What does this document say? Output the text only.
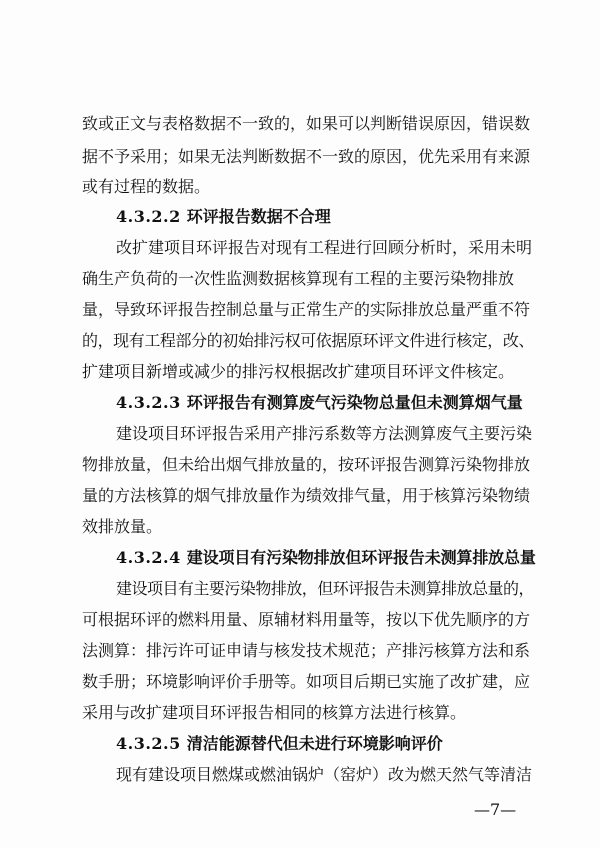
致或正文与表格数据不一致的，如果可以判断错误原因，错误数
据不予采用；如果无法判断数据不一致的原因，优先采用有来源
或有过程的数据。
4.3.2.2 环评报告数据不合理
改扩建项目环评报告对现有工程进行回顾分析时，采用未明
确生产负荷的一次性监测数据核算现有工程的主要污染物排放
量，导致环评报告控制总量与正常生产的实际排放总量严重不符
的，现有工程部分的初始排污权可依据原环评文件进行核定，改、
扩建项目新增或减少的排污权根据改扩建项目环评文件核定。
4.3.2.3 环评报告有测算废气污染物总量但未测算烟气量
建设项目环评报告采用产排污系数等方法测算废气主要污染
物排放量，但未给出烟气排放量的，按环评报告测算污染物排放
量的方法核算的烟气排放量作为绩效排气量，用于核算污染物绩
效排放量。
4.3.2.4 建设项目有污染物排放但环评报告未测算排放总量
建设项目有主要污染物排放，但环评报告未测算排放总量的，
可根据环评的燃料用量、原辅材料用量等，按以下优先顺序的方
法测算：排污许可证申请与核发技术规范；产排污核算方法和系
数手册；环境影响评价手册等。如项目后期已实施了改扩建，应
采用与改扩建项目环评报告相同的核算方法进行核算。
4.3.2.5 清洁能源替代但未进行环境影响评价
现有建设项目燃煤或燃油锅炉（窑炉）改为燃天然气等清洁
—7—
